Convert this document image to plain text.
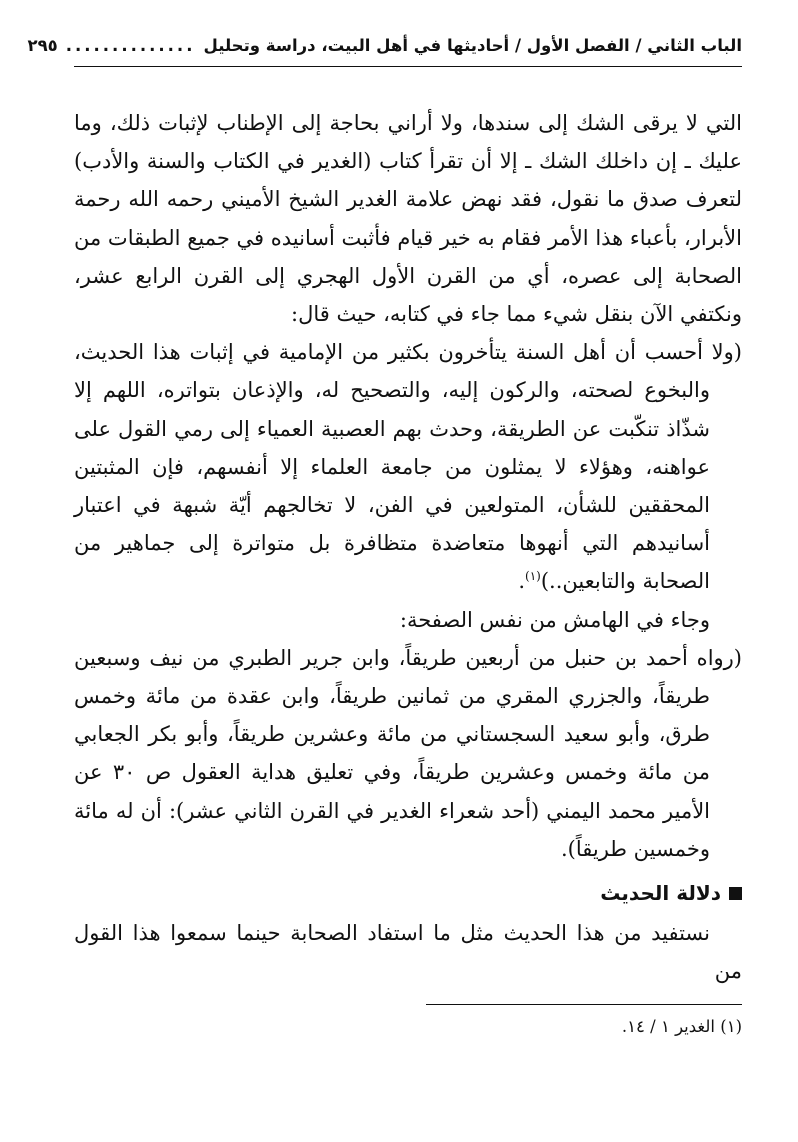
الباب الثاني / الفصل الأول / أحاديثها في أهل البيت، دراسة وتحليل
..............
٢٩٥

التي لا يرقى الشك إلى سندها، ولا أراني بحاجة إلى الإطناب لإثبات ذلك، وما عليك ـ إن داخلك الشك ـ إلا أن تقرأ كتاب (الغدير في الكتاب والسنة والأدب) لتعرف صدق ما نقول، فقد نهض علامة الغدير الشيخ الأميني رحمه الله رحمة الأبرار، بأعباء هذا الأمر فقام به خير قيام فأثبت أسانيده في جميع الطبقات من الصحابة إلى عصره، أي من القرن الأول الهجري إلى القرن الرابع عشر، ونكتفي الآن بنقل شيء مما جاء في كتابه، حيث قال:

(ولا أحسب أن أهل السنة يتأخرون بكثير من الإمامية في إثبات هذا الحديث، والبخوع لصحته، والركون إليه، والتصحيح له، والإذعان بتواتره، اللهم إلا شذّاذ تنكّبت عن الطريقة، وحدث بهم العصبية العمياء إلى رمي القول على عواهنه، وهؤلاء لا يمثلون من جامعة العلماء إلا أنفسهم، فإن المثبتين المحققين للشأن، المتولعين في الفن، لا تخالجهم أيّة شبهة في اعتبار أسانيدهم التي أنهوها متعاضدة متظافرة بل متواترة إلى جماهير من الصحابة والتابعين..)$^{(١)}$.

وجاء في الهامش من نفس الصفحة:

(رواه أحمد بن حنبل من أربعين طريقاً، وابن جرير الطبري من نيف وسبعين طريقاً، والجزري المقري من ثمانين طريقاً، وابن عقدة من مائة وخمس طرق، وأبو سعيد السجستاني من مائة وعشرين طريقاً، وأبو بكر الجعابي من مائة وخمس وعشرين طريقاً، وفي تعليق هداية العقول ص ٣٠ عن الأمير محمد اليمني (أحد شعراء الغدير في القرن الثاني عشر): أن له مائة وخمسين طريقاً).

دلالة الحديث

نستفيد من هذا الحديث مثل ما استفاد الصحابة حينما سمعوا هذا القول من

(١) الغدير ١ / ١٤.
